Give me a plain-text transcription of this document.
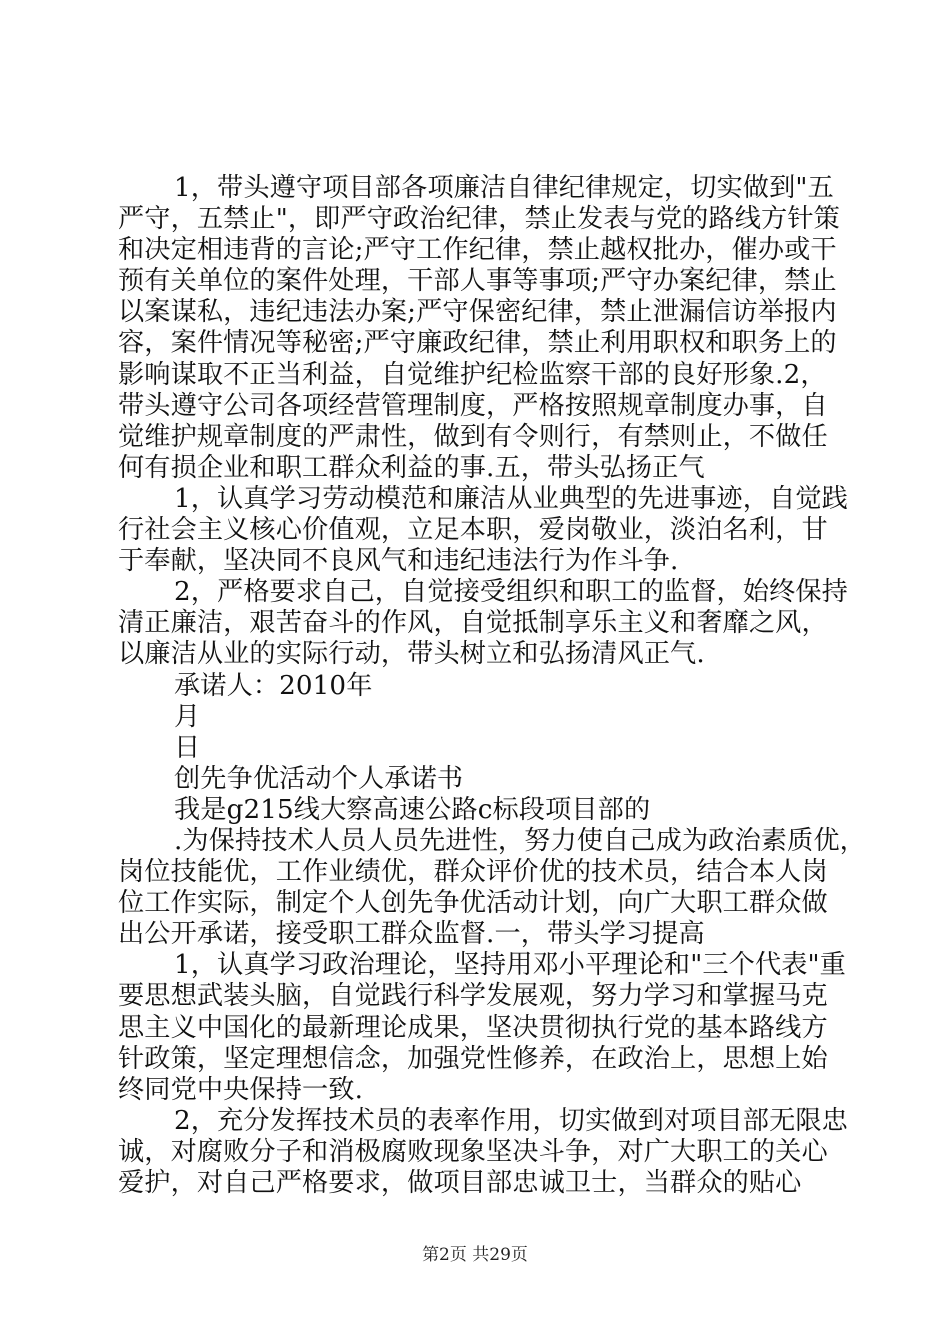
1，带头遵守项目部各项廉洁自律纪律规定，切实做到"五
严守，五禁止"，即严守政治纪律，禁止发表与党的路线方针策
和决定相违背的言论;严守工作纪律，禁止越权批办，催办或干
预有关单位的案件处理，干部人事等事项;严守办案纪律，禁止
以案谋私，违纪违法办案;严守保密纪律，禁止泄漏信访举报内
容，案件情况等秘密;严守廉政纪律，禁止利用职权和职务上的
影响谋取不正当利益，自觉维护纪检监察干部的良好形象.2，
带头遵守公司各项经营管理制度，严格按照规章制度办事，自
觉维护规章制度的严肃性，做到有令则行，有禁则止，不做任
何有损企业和职工群众利益的事.五，带头弘扬正气
1，认真学习劳动模范和廉洁从业典型的先进事迹，自觉践
行社会主义核心价值观，立足本职，爱岗敬业，淡泊名利，甘
于奉献，坚决同不良风气和违纪违法行为作斗争.
2，严格要求自己，自觉接受组织和职工的监督，始终保持
清正廉洁，艰苦奋斗的作风，自觉抵制享乐主义和奢靡之风，
以廉洁从业的实际行动，带头树立和弘扬清风正气.
承诺人：2010年
月
日
创先争优活动个人承诺书
我是g215线大察高速公路c标段项目部的
.为保持技术人员人员先进性，努力使自己成为政治素质优，
岗位技能优，工作业绩优，群众评价优的技术员，结合本人岗
位工作实际，制定个人创先争优活动计划，向广大职工群众做
出公开承诺，接受职工群众监督.一，带头学习提高
1，认真学习政治理论，坚持用邓小平理论和"三个代表"重
要思想武装头脑，自觉践行科学发展观，努力学习和掌握马克
思主义中国化的最新理论成果，坚决贯彻执行党的基本路线方
针政策，坚定理想信念，加强党性修养，在政治上，思想上始
终同党中央保持一致.
2，充分发挥技术员的表率作用，切实做到对项目部无限忠
诚，对腐败分子和消极腐败现象坚决斗争，对广大职工的关心
爱护，对自己严格要求，做项目部忠诚卫士，当群众的贴心
第2页 共29页
